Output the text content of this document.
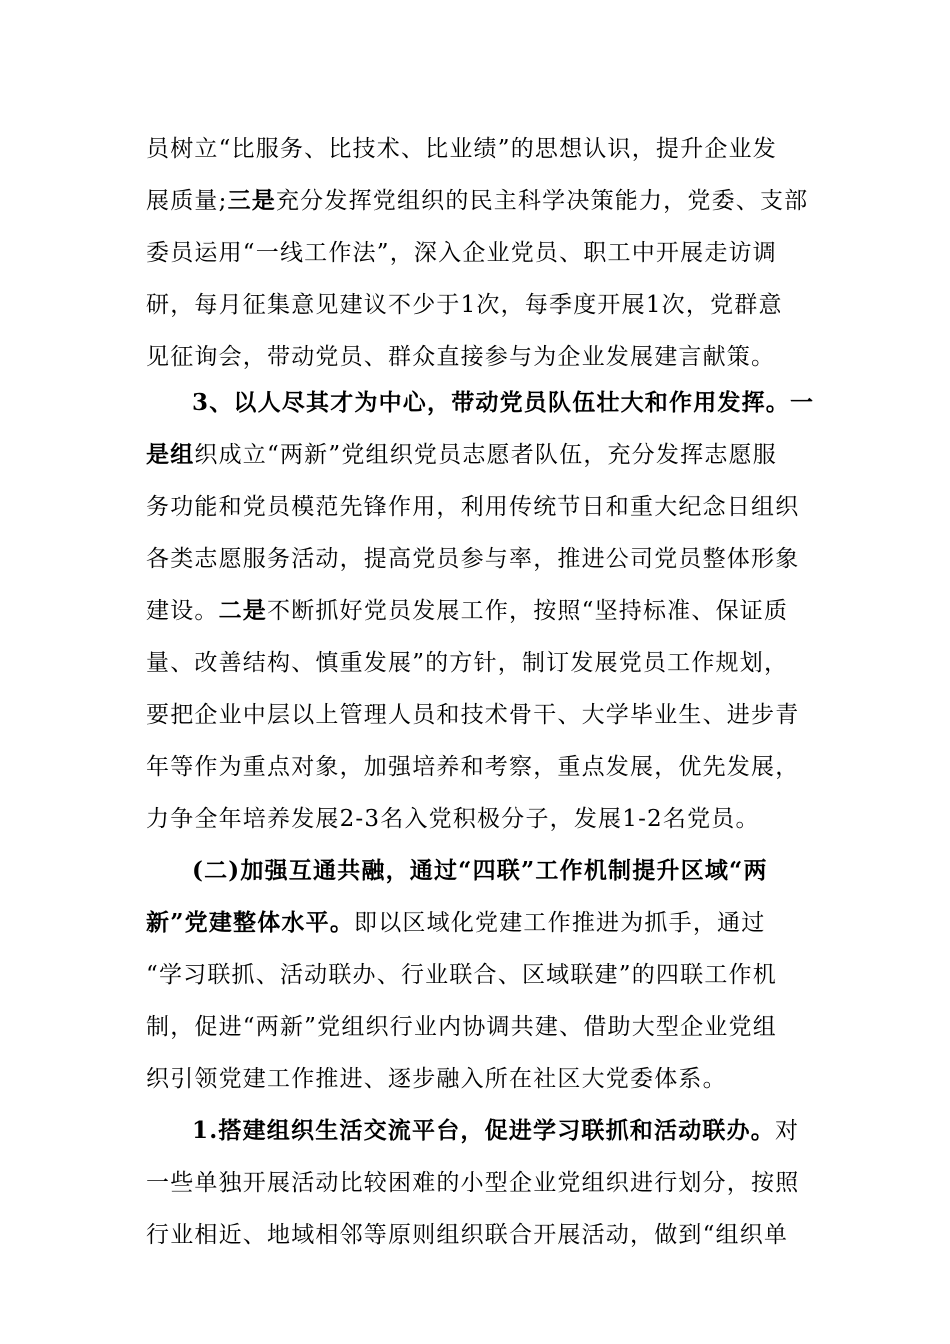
员树立“比服务、比技术、比业绩”的思想认识，提升企业发
展质量;三是充分发挥党组织的民主科学决策能力，党委、支部
委员运用“一线工作法”，深入企业党员、职工中开展走访调
研，每月征集意见建议不少于1次，每季度开展1次，党群意
见征询会，带动党员、群众直接参与为企业发展建言献策。
3、以人尽其才为中心，带动党员队伍壮大和作用发挥。一
是组织成立“两新”党组织党员志愿者队伍，充分发挥志愿服
务功能和党员模范先锋作用，利用传统节日和重大纪念日组织
各类志愿服务活动，提高党员参与率，推进公司党员整体形象
建设。二是不断抓好党员发展工作，按照“坚持标准、保证质
量、改善结构、慎重发展”的方针，制订发展党员工作规划，
要把企业中层以上管理人员和技术骨干、大学毕业生、进步青
年等作为重点对象，加强培养和考察，重点发展，优先发展，
力争全年培养发展2-3名入党积极分子，发展1-2名党员。
(二)加强互通共融，通过“四联”工作机制提升区域“两
新”党建整体水平。即以区域化党建工作推进为抓手，通过
“学习联抓、活动联办、行业联合、区域联建”的四联工作机
制，促进“两新”党组织行业内协调共建、借助大型企业党组
织引领党建工作推进、逐步融入所在社区大党委体系。
1.搭建组织生活交流平台，促进学习联抓和活动联办。对
一些单独开展活动比较困难的小型企业党组织进行划分，按照
行业相近、地域相邻等原则组织联合开展活动，做到“组织单
